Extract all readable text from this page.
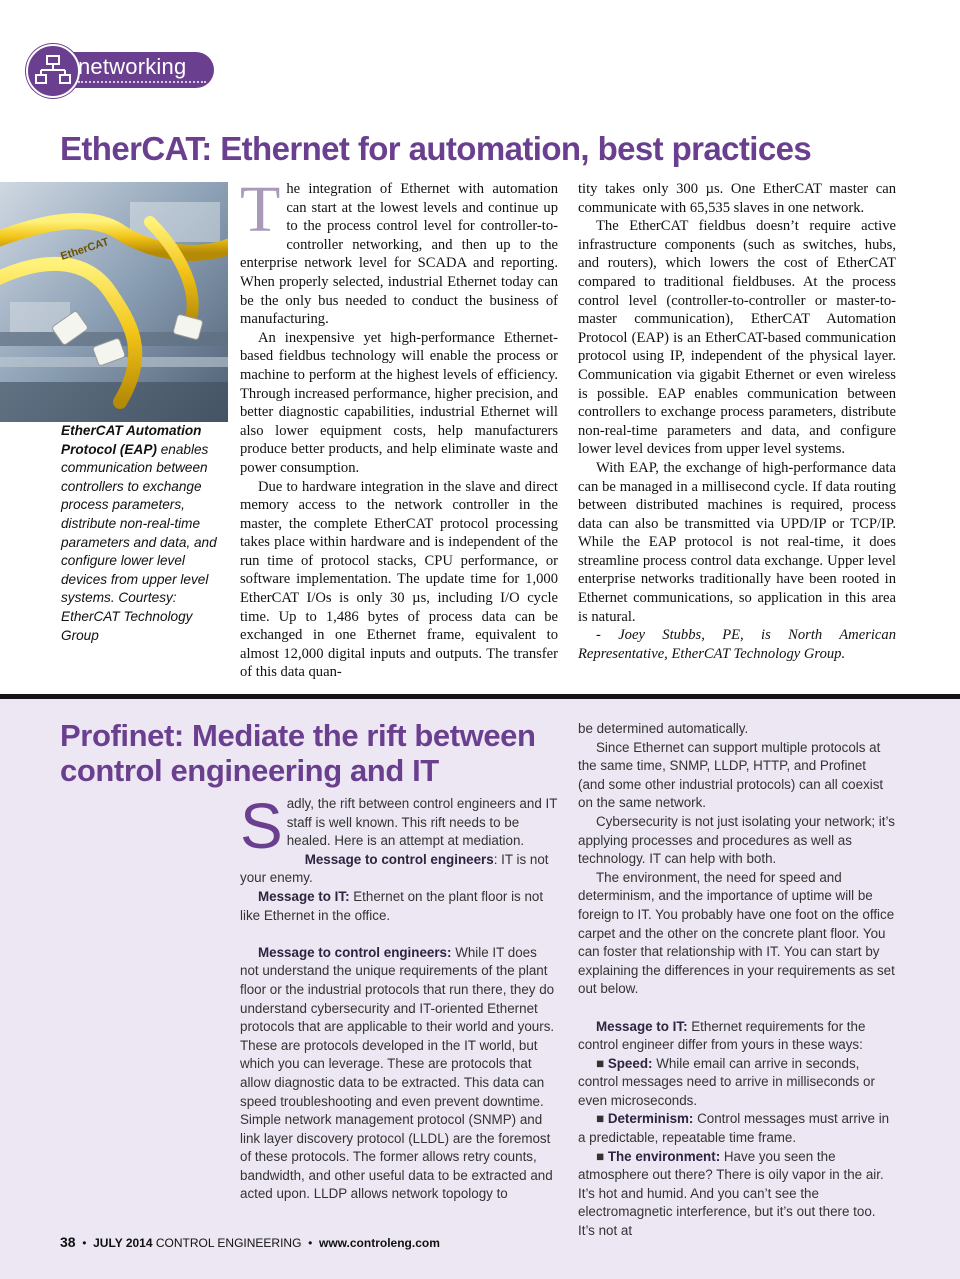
networking
EtherCAT: Ethernet for automation, best practices
EtherCAT
EtherCAT Automation Protocol (EAP) enables communication between controllers to exchange process parameters, distribute non-real-time parameters and data, and configure lower level devices from upper level systems. Courtesy: EtherCAT Technology Group

The integration of Ethernet with automation can start at the lowest levels and continue up to the process control level for controller-to-controller networking, and then up to the enterprise network level for SCADA and reporting. When properly selected, industrial Ethernet today can be the only bus needed to conduct the business of manufacturing.

An inexpensive yet high-performance Ethernet-based fieldbus technology will enable the process or machine to perform at the highest levels of efficiency. Through increased performance, higher precision, and better diagnostic capabilities, industrial Ethernet will also lower equipment costs, help manufacturers produce better products, and help eliminate waste and power consumption.

Due to hardware integration in the slave and direct memory access to the network controller in the master, the complete EtherCAT protocol processing takes place within hardware and is independent of the run time of protocol stacks, CPU performance, or software implementation. The update time for 1,000 EtherCAT I/Os is only 30 µs, including I/O cycle time. Up to 1,486 bytes of process data can be exchanged in one Ethernet frame, equivalent to almost 12,000 digital inputs and outputs. The transfer of this data quan-

tity takes only 300 µs. One EtherCAT master can communicate with 65,535 slaves in one network.

The EtherCAT fieldbus doesn’t require active infrastructure components (such as switches, hubs, and routers), which lowers the cost of EtherCAT compared to traditional fieldbuses. At the process control level (controller-to-controller or master-to-master communication), EtherCAT Automation Protocol (EAP) is an EtherCAT-based communication protocol using IP, independent of the physical layer. Communication via gigabit Ethernet or even wireless is possible. EAP enables communication between controllers to exchange process parameters, distribute non-real-time parameters and data, and configure lower level devices from upper level systems.

With EAP, the exchange of high-performance data can be managed in a millisecond cycle. If data routing between distributed machines is required, process data can also be transmitted via UPD/IP or TCP/IP. While the EAP protocol is not real-time, it does streamline process control data exchange. Upper level enterprise networks traditionally have been rooted in Ethernet communications, so application in this area is natural.

- Joey Stubbs, PE, is North American Representative, EtherCAT Technology Group.

Profinet: Mediate the rift between control engineering and IT

Sadly, the rift between control engineers and IT staff is well known. This rift needs to be healed. Here is an attempt at mediation.

Message to control engineers: IT is not your enemy.

Message to IT: Ethernet on the plant floor is not like Ethernet in the office.

Message to control engineers: While IT does not understand the unique requirements of the plant floor or the industrial protocols that run there, they do understand cybersecurity and IT-oriented Ethernet protocols that are applicable to their world and yours. These are protocols developed in the IT world, but which you can leverage. These are protocols that allow diagnostic data to be extracted. This data can speed troubleshooting and even prevent downtime. Simple network management protocol (SNMP) and link layer discovery protocol (LLDL) are the foremost of these protocols. The former allows retry counts, bandwidth, and other useful data to be extracted and acted upon. LLDP allows network topology to

be determined automatically.

Since Ethernet can support multiple protocols at the same time, SNMP, LLDP, HTTP, and Profinet (and some other industrial protocols) can all coexist on the same network.

Cybersecurity is not just isolating your network; it’s applying processes and procedures as well as technology. IT can help with both.

The environment, the need for speed and determinism, and the importance of uptime will be foreign to IT. You probably have one foot on the office carpet and the other on the concrete plant floor. You can foster that relationship with IT. You can start by explaining the differences in your requirements as set out below.

Message to IT: Ethernet requirements for the control engineer differ from yours in these ways:

■ Speed: While email can arrive in seconds, control messages need to arrive in milliseconds or even microseconds.

■ Determinism: Control messages must arrive in a predictable, repeatable time frame.

■ The environment: Have you seen the atmosphere out there? There is oily vapor in the air. It’s hot and humid. And you can’t see the electromagnetic interference, but it’s out there too. It’s not at

38 • JULY 2014 CONTROL ENGINEERING • www.controleng.com
